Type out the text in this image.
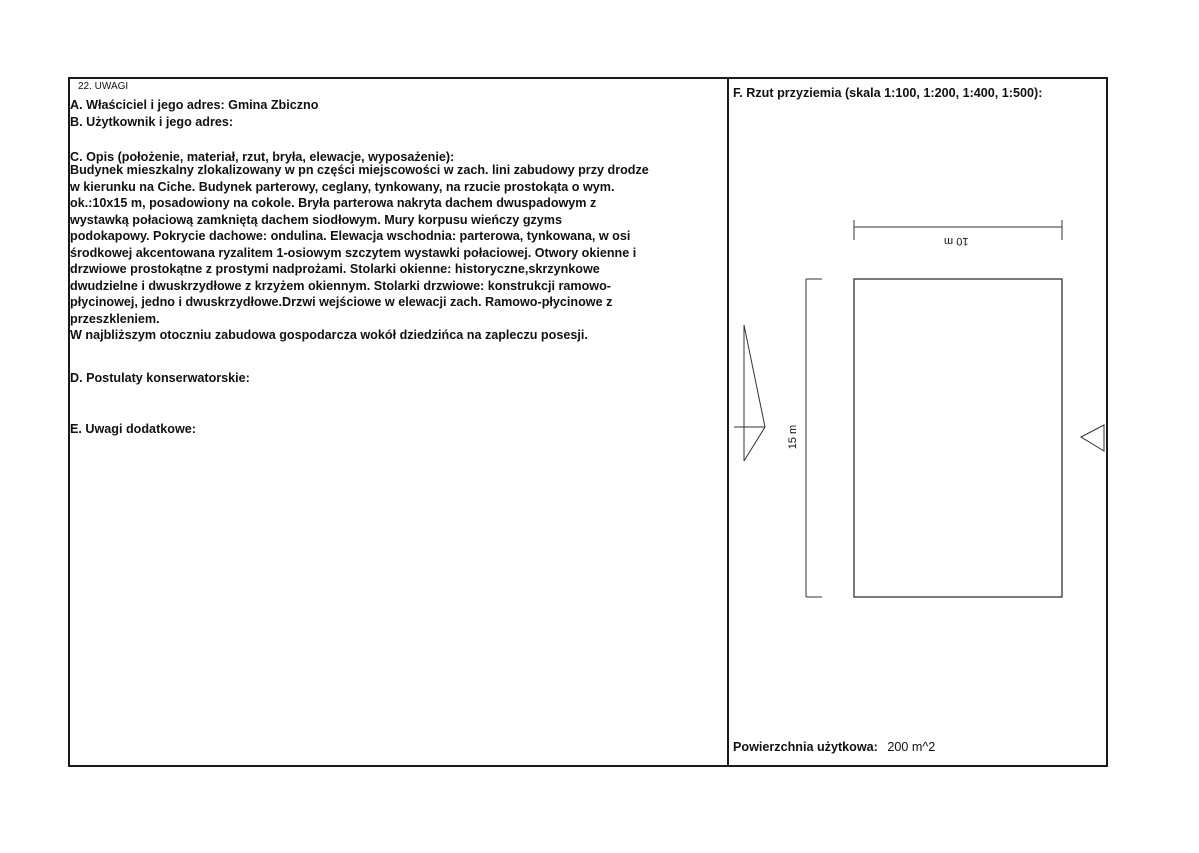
22. UWAGI
A. Właściciel i jego adres: Gmina Zbiczno
B. Użytkownik i jego adres:
C. Opis (położenie, materiał, rzut, bryła, elewacje, wyposażenie):
Budynek mieszkalny zlokalizowany w pn części miejscowości w zach. lini zabudowy przy drodze
w kierunku na Ciche. Budynek parterowy, ceglany, tynkowany, na rzucie prostokąta o wym.
ok.:10x15 m, posadowiony na cokole. Bryła parterowa nakryta dachem dwuspadowym z
wystawką połaciową zamkniętą dachem siodłowym. Mury korpusu wieńczy gzyms
podokapowy. Pokrycie dachowe: ondulina. Elewacja wschodnia: parterowa, tynkowana, w osi
środkowej akcentowana ryzalitem 1-osiowym szczytem wystawki połaciowej. Otwory okienne i
drzwiowe prostokątne z prostymi nadprożami. Stolarki okienne: historyczne,skrzynkowe
dwudzielne i dwuskrzydłowe z krzyżem okiennym. Stolarki drzwiowe: konstrukcji ramowo-
płycinowej, jedno i dwuskrzydłowe.Drzwi wejściowe w elewacji zach. Ramowo-płycinowe z
przeszkleniem.
W najbliższym otoczniu zabudowa gospodarcza wokół dziedzińca na zapleczu posesji.
D. Postulaty konserwatorskie:
E. Uwagi dodatkowe:
F. Rzut przyziemia (skala 1:100, 1:200, 1:400, 1:500):
10 m
15 m
Powierzchnia użytkowa: 200 m^2
